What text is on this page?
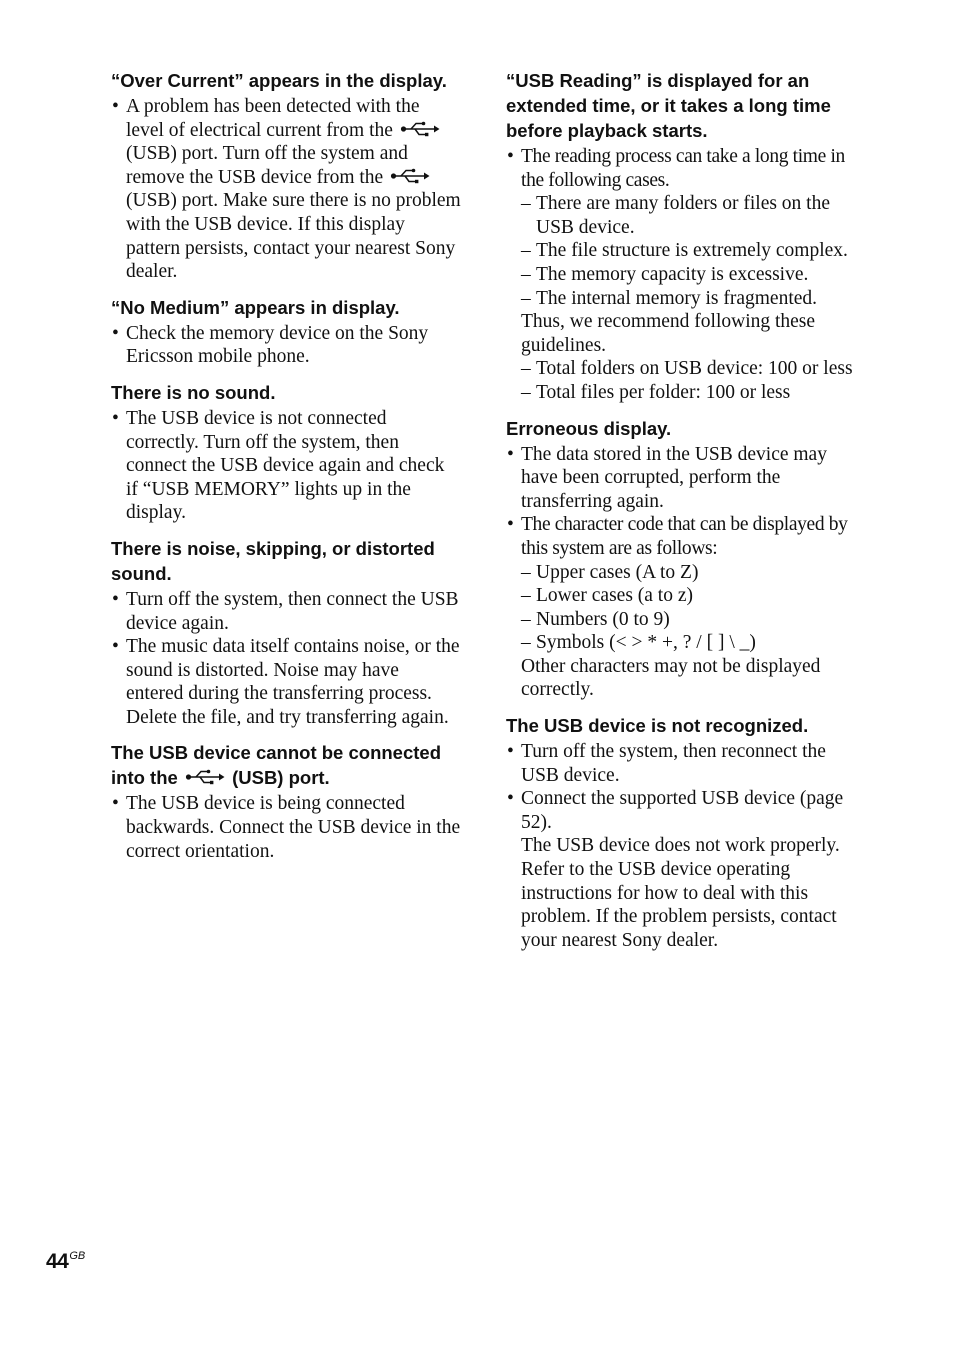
“Over Current” appears in the display.
• A problem has been detected with the level of electrical current from the
(USB) port. Turn off the system and remove the USB device from the
(USB) port. Make sure there is no problem with the USB device. If this display pattern persists, contact your nearest Sony dealer.
“No Medium” appears in display.
• Check the memory device on the Sony Ericsson mobile phone.
There is no sound.
• The USB device is not connected correctly. Turn off the system, then connect the USB device again and check if “USB MEMORY” lights up in the display.
There is noise, skipping, or distorted sound.
• Turn off the system, then connect the USB device again.
• The music data itself contains noise, or the sound is distorted. Noise may have entered during the transferring process. Delete the file, and try transferring again.
The USB device cannot be connected into the	(USB) port.
• The USB device is being connected backwards. Connect the USB device in the correct orientation.
“USB Reading” is displayed for an extended time, or it takes a long time before playback starts.
• The reading process can take a long time in the following cases.
– There are many folders or files on the USB device.
– The file structure is extremely complex.
– The memory capacity is excessive.
– The internal memory is fragmented.
Thus, we recommend following these guidelines.
– Total folders on USB device: 100 or less
– Total files per folder: 100 or less
Erroneous display.
• The data stored in the USB device may have been corrupted, perform the transferring again.
• The character code that can be displayed by this system are as follows:
– Upper cases (A to Z)
– Lower cases (a to z)
– Numbers (0 to 9)
– Symbols (< > * +, ? / [ ] \ _)
Other characters may not be displayed correctly.
The USB device is not recognized.
• Turn off the system, then reconnect the USB device.
• Connect the supported USB device (page 52).
The USB device does not work properly. Refer to the USB device operating instructions for how to deal with this problem. If the problem persists, contact your nearest Sony dealer.
$44^{GB}$
